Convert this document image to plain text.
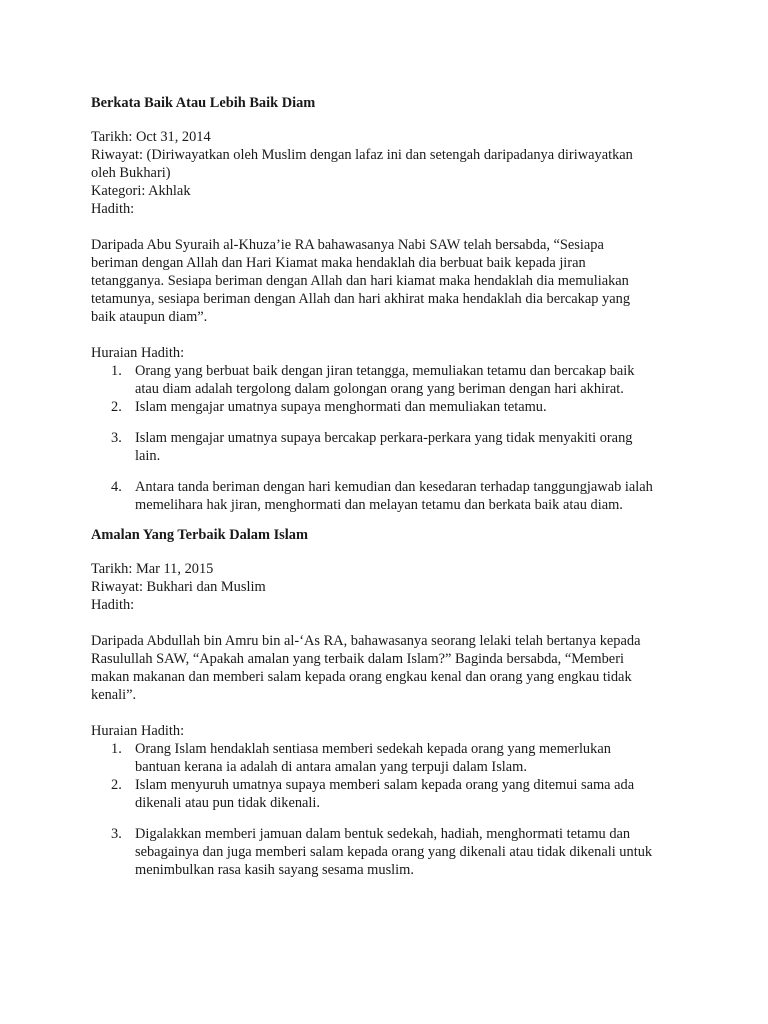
Berkata Baik Atau Lebih Baik Diam
Tarikh: Oct 31, 2014
Riwayat: (Diriwayatkan oleh Muslim dengan lafaz ini dan setengah daripadanya diriwayatkan
oleh Bukhari)
Kategori: Akhlak
Hadith:
Daripada Abu Syuraih al-Khuza’ie RA bahawasanya Nabi SAW telah bersabda, “Sesiapa
beriman dengan Allah dan Hari Kiamat maka hendaklah dia berbuat baik kepada jiran
tetangganya. Sesiapa beriman dengan Allah dan hari kiamat maka hendaklah dia memuliakan
tetamunya, sesiapa beriman dengan Allah dan hari akhirat maka hendaklah dia bercakap yang
baik ataupun diam”.
Huraian Hadith:
1. Orang yang berbuat baik dengan jiran tetangga, memuliakan tetamu dan bercakap baik
atau diam adalah tergolong dalam golongan orang yang beriman dengan hari akhirat.
2. Islam mengajar umatnya supaya menghormati dan memuliakan tetamu.
3. Islam mengajar umatnya supaya bercakap perkara-perkara yang tidak menyakiti orang
lain.
4. Antara tanda beriman dengan hari kemudian dan kesedaran terhadap tanggungjawab ialah
memelihara hak jiran, menghormati dan melayan tetamu dan berkata baik atau diam.
Amalan Yang Terbaik Dalam Islam
Tarikh: Mar 11, 2015
Riwayat: Bukhari dan Muslim
Hadith:
Daripada Abdullah bin Amru bin al-‘As RA, bahawasanya seorang lelaki telah bertanya kepada
Rasulullah SAW, “Apakah amalan yang terbaik dalam Islam?” Baginda bersabda, “Memberi
makan makanan dan memberi salam kepada orang engkau kenal dan orang yang engkau tidak
kenali”.
Huraian Hadith:
1. Orang Islam hendaklah sentiasa memberi sedekah kepada orang yang memerlukan
bantuan kerana ia adalah di antara amalan yang terpuji dalam Islam.
2. Islam menyuruh umatnya supaya memberi salam kepada orang yang ditemui sama ada
dikenali atau pun tidak dikenali.
3. Digalakkan memberi jamuan dalam bentuk sedekah, hadiah, menghormati tetamu dan
sebagainya dan juga memberi salam kepada orang yang dikenali atau tidak dikenali untuk
menimbulkan rasa kasih sayang sesama muslim.
